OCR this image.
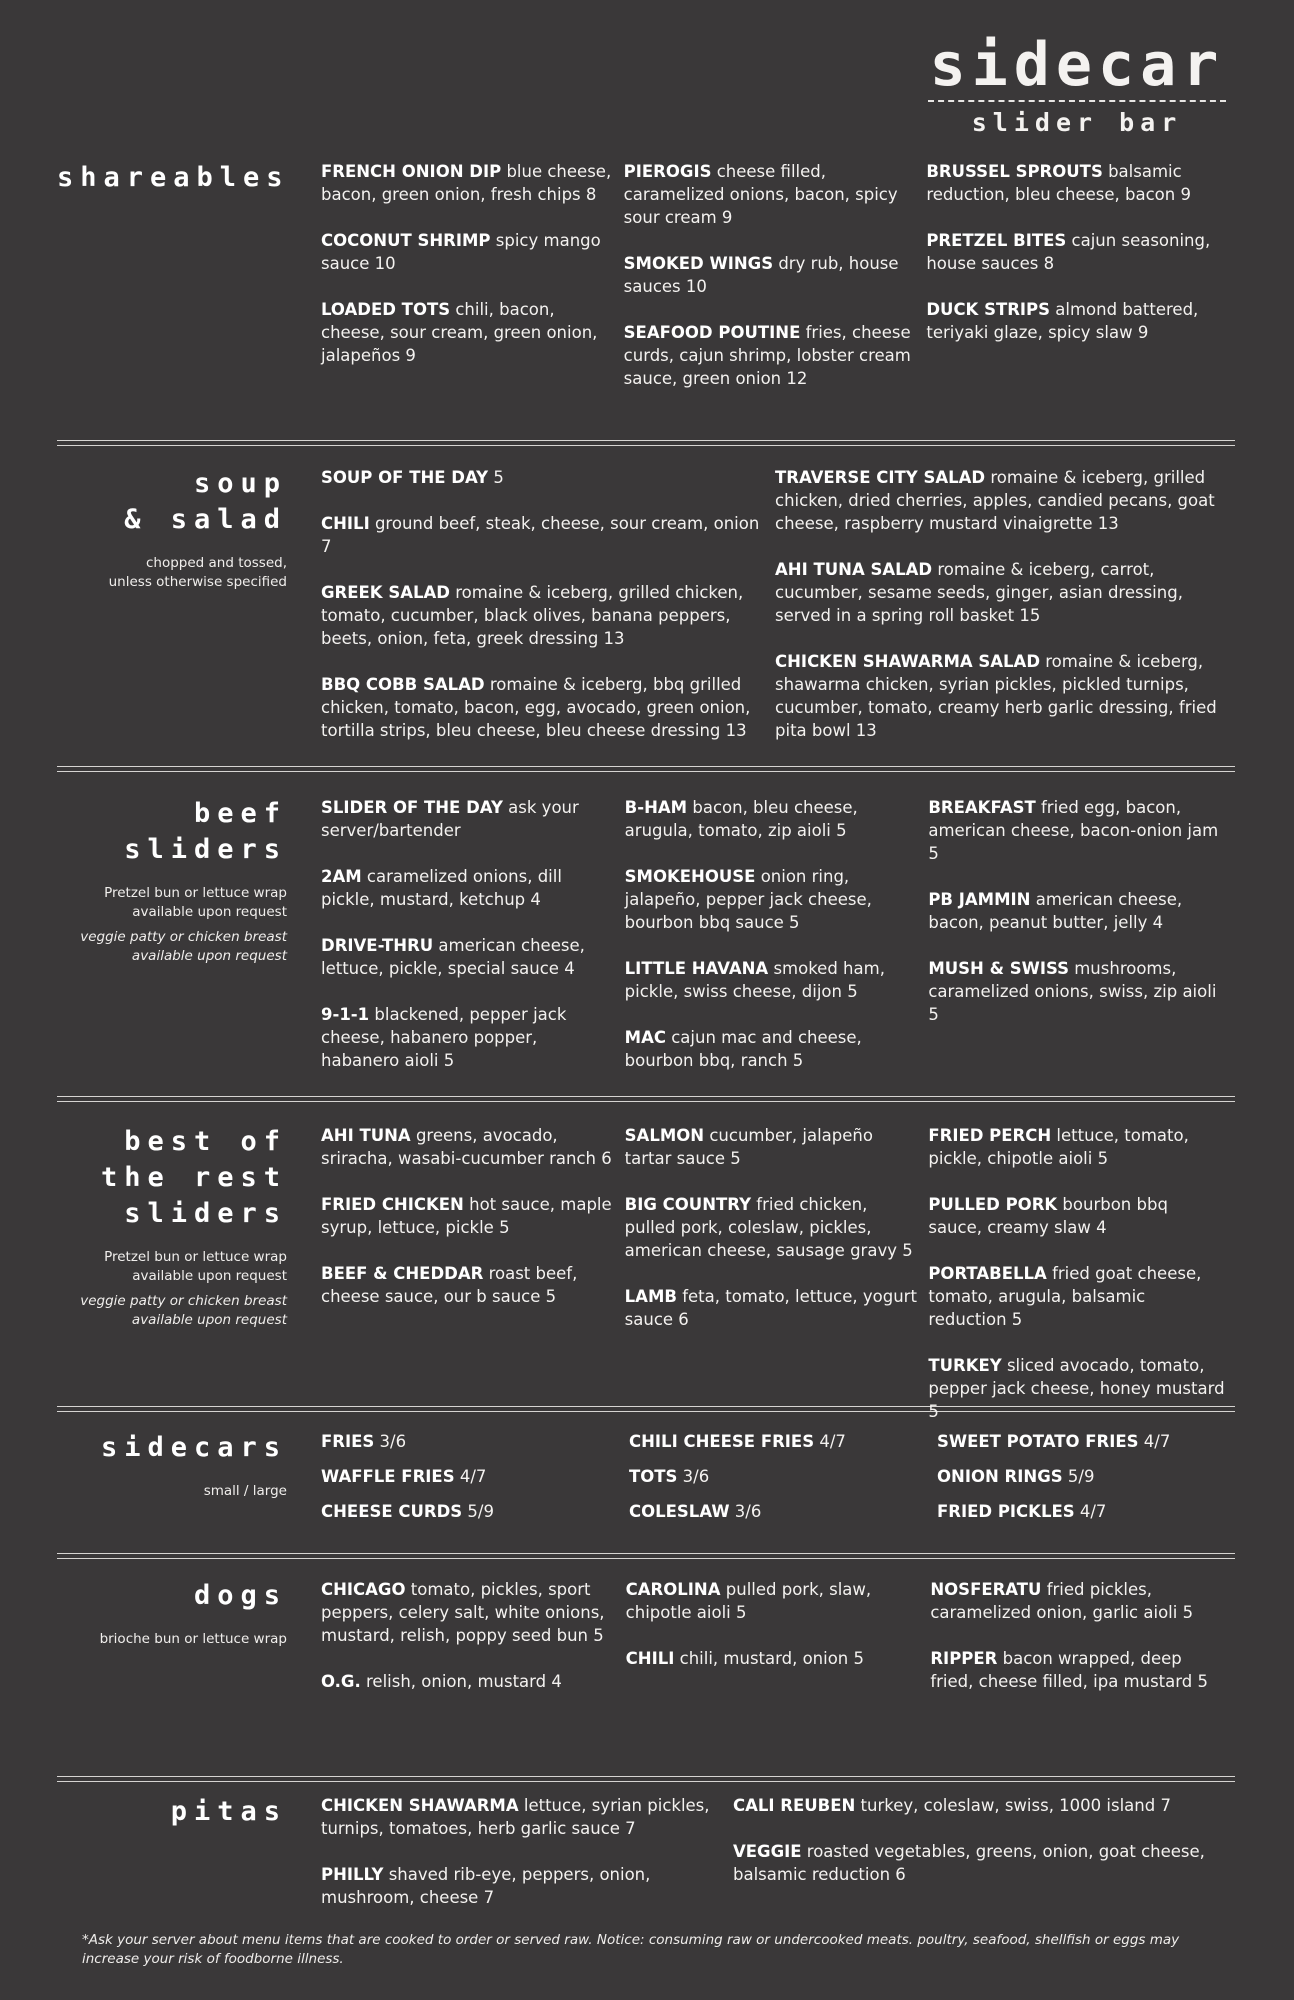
sidecar
slider bar
shareables FRENCH ONION DIP blue cheese, bacon, green onion, fresh chips 8
COCONUT SHRIMP spicy mango sauce 10
LOADED TOTS chili, bacon, cheese, sour cream, green onion, jalapeños 9
PIEROGIS cheese filled, caramelized onions, bacon, spicy sour cream 9
SMOKED WINGS dry rub, house sauces 10
SEAFOOD POUTINE fries, cheese curds, cajun shrimp, lobster cream sauce, green onion 12
BRUSSEL SPROUTS balsamic reduction, bleu cheese, bacon 9
PRETZEL BITES cajun seasoning, house sauces 8
DUCK STRIPS almond battered, teriyaki glaze, spicy slaw 9
soup
& salad
chopped and tossed,
unless otherwise specified
SOUP OF THE DAY 5
CHILI ground beef, steak, cheese, sour cream, onion 7
GREEK SALAD romaine & iceberg, grilled chicken, tomato, cucumber, black olives, banana peppers, beets, onion, feta, greek dressing 13
BBQ COBB SALAD romaine & iceberg, bbq grilled chicken, tomato, bacon, egg, avocado, green onion, tortilla strips, bleu cheese, bleu cheese dressing 13
TRAVERSE CITY SALAD romaine & iceberg, grilled chicken, dried cherries, apples, candied pecans, goat cheese, raspberry mustard vinaigrette 13
AHI TUNA SALAD romaine & iceberg, carrot, cucumber, sesame seeds, ginger, asian dressing, served in a spring roll basket 15
CHICKEN SHAWARMA SALAD romaine & iceberg, shawarma chicken, syrian pickles, pickled turnips, cucumber, tomato, creamy herb garlic dressing, fried pita bowl 13
beef
sliders
Pretzel bun or lettuce wrap
available upon request
veggie patty or chicken breast
available upon request
SLIDER OF THE DAY ask your server/bartender
2AM caramelized onions, dill pickle, mustard, ketchup 4
DRIVE-THRU american cheese, lettuce, pickle, special sauce 4
9-1-1 blackened, pepper jack cheese, habanero popper, habanero aioli 5
B-HAM bacon, bleu cheese, arugula, tomato, zip aioli 5
SMOKEHOUSE onion ring, jalapeño, pepper jack cheese, bourbon bbq sauce 5
LITTLE HAVANA smoked ham, pickle, swiss cheese, dijon 5
MAC cajun mac and cheese, bourbon bbq, ranch 5
BREAKFAST fried egg, bacon, american cheese, bacon-onion jam 5
PB JAMMIN american cheese, bacon, peanut butter, jelly 4
MUSH & SWISS mushrooms, caramelized onions, swiss, zip aioli 5
best of
the rest
sliders
Pretzel bun or lettuce wrap
available upon request
veggie patty or chicken breast
available upon request
AHI TUNA greens, avocado, sriracha, wasabi-cucumber ranch 6
FRIED CHICKEN hot sauce, maple syrup, lettuce, pickle 5
BEEF & CHEDDAR roast beef, cheese sauce, our b sauce 5
SALMON cucumber, jalapeño tartar sauce 5
BIG COUNTRY fried chicken, pulled pork, coleslaw, pickles, american cheese, sausage gravy 5
LAMB feta, tomato, lettuce, yogurt sauce 6
FRIED PERCH lettuce, tomato, pickle, chipotle aioli 5
PULLED PORK bourbon bbq sauce, creamy slaw 4
PORTABELLA fried goat cheese, tomato, arugula, balsamic reduction 5
TURKEY sliced avocado, tomato, pepper jack cheese, honey mustard 5
sidecars
small / large
FRIES 3/6
WAFFLE FRIES 4/7
CHEESE CURDS 5/9
CHILI CHEESE FRIES 4/7
TOTS 3/6
COLESLAW 3/6
SWEET POTATO FRIES 4/7
ONION RINGS 5/9
FRIED PICKLES 4/7
dogs
brioche bun or lettuce wrap
CHICAGO tomato, pickles, sport peppers, celery salt, white onions, mustard, relish, poppy seed bun 5
O.G. relish, onion, mustard 4
CAROLINA pulled pork, slaw, chipotle aioli 5
CHILI chili, mustard, onion 5
NOSFERATU fried pickles, caramelized onion, garlic aioli 5
RIPPER bacon wrapped, deep fried, cheese filled, ipa mustard 5
pitas CHICKEN SHAWARMA lettuce, syrian pickles, turnips, tomatoes, herb garlic sauce 7
PHILLY shaved rib-eye, peppers, onion, mushroom, cheese 7
CALI REUBEN turkey, coleslaw, swiss, 1000 island 7
VEGGIE roasted vegetables, greens, onion, goat cheese, balsamic reduction 6
*Ask your server about menu items that are cooked to order or served raw. Notice: consuming raw or undercooked meats. poultry, seafood, shellfish or eggs may increase your risk of foodborne illness.
